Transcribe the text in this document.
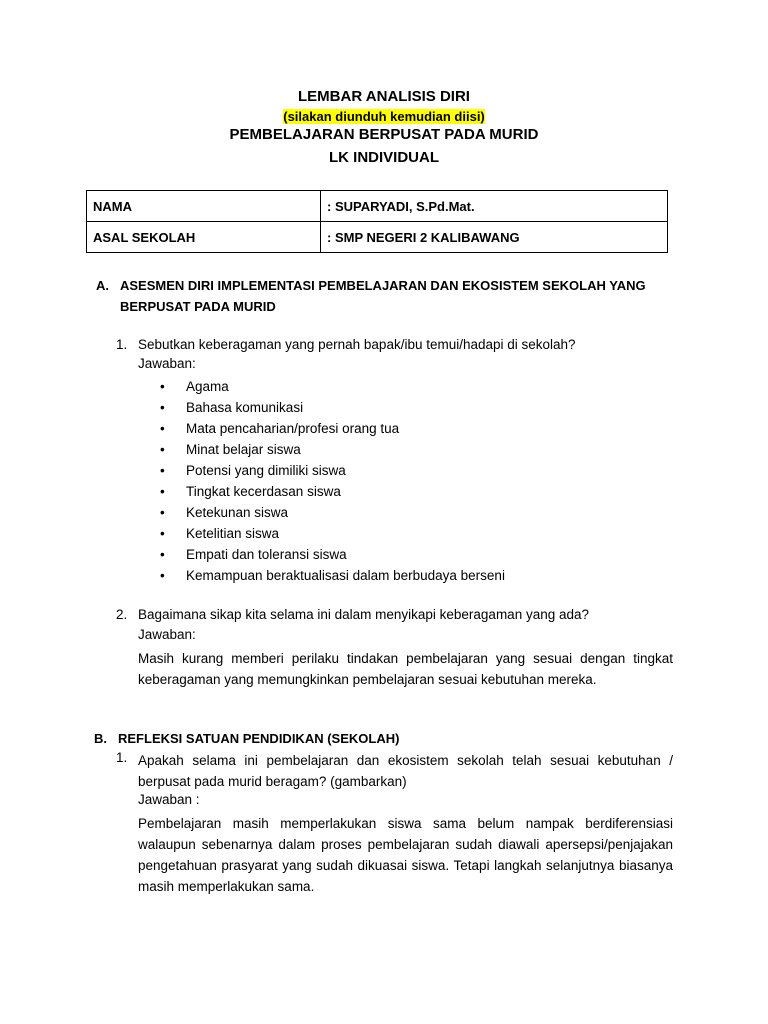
LEMBAR ANALISIS DIRI
(silakan diunduh kemudian diisi)
PEMBELAJARAN BERPUSAT PADA MURID
LK INDIVIDUAL
NAMA	: SUPARYADI, S.Pd.Mat.
ASAL SEKOLAH	: SMP NEGERI 2 KALIBAWANG
A. ASESMEN DIRI IMPLEMENTASI PEMBELAJARAN DAN EKOSISTEM SEKOLAH YANG BERPUSAT PADA MURID
1. Sebutkan keberagaman yang pernah bapak/ibu temui/hadapi di sekolah?
Jawaban:
• Agama
• Bahasa komunikasi
• Mata pencaharian/profesi orang tua
• Minat belajar siswa
• Potensi yang dimiliki siswa
• Tingkat kecerdasan siswa
• Ketekunan siswa
• Ketelitian siswa
• Empati dan toleransi siswa
• Kemampuan beraktualisasi dalam berbudaya berseni
2. Bagaimana sikap kita selama ini dalam menyikapi keberagaman yang ada?
Jawaban:
Masih kurang memberi perilaku tindakan pembelajaran yang sesuai dengan tingkat keberagaman yang memungkinkan pembelajaran sesuai kebutuhan mereka.
B. REFLEKSI SATUAN PENDIDIKAN (SEKOLAH)
1. Apakah selama ini pembelajaran dan ekosistem sekolah telah sesuai kebutuhan / berpusat pada murid beragam? (gambarkan)
Jawaban :
Pembelajaran masih memperlakukan siswa sama belum nampak berdiferensiasi walaupun sebenarnya dalam proses pembelajaran sudah diawali apersepsi/penjajakan pengetahuan prasyarat yang sudah dikuasai siswa. Tetapi langkah selanjutnya biasanya masih memperlakukan sama.
